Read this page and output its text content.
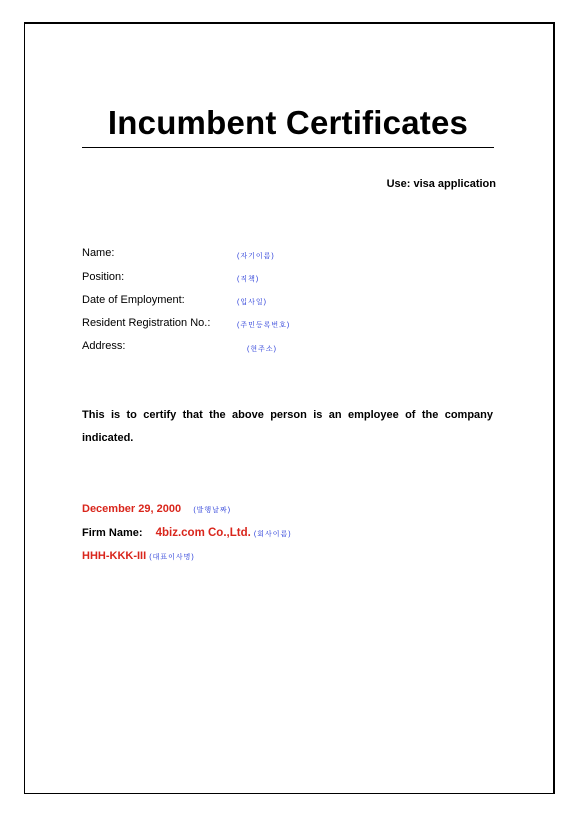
Incumbent Certificates
Use: visa application
Name:	(자기이름)
Position:	(직책)
Date of Employment:	(입사일)
Resident Registration No.:	(주민등록번호)
Address:	(현주소)
This is to certify that the above person is an employee of the company indicated.
December 29, 2000 (발행날짜)
Firm Name: 4biz.com Co.,Ltd. (회사이름)
HHH-KKK-III (대표이사명)
